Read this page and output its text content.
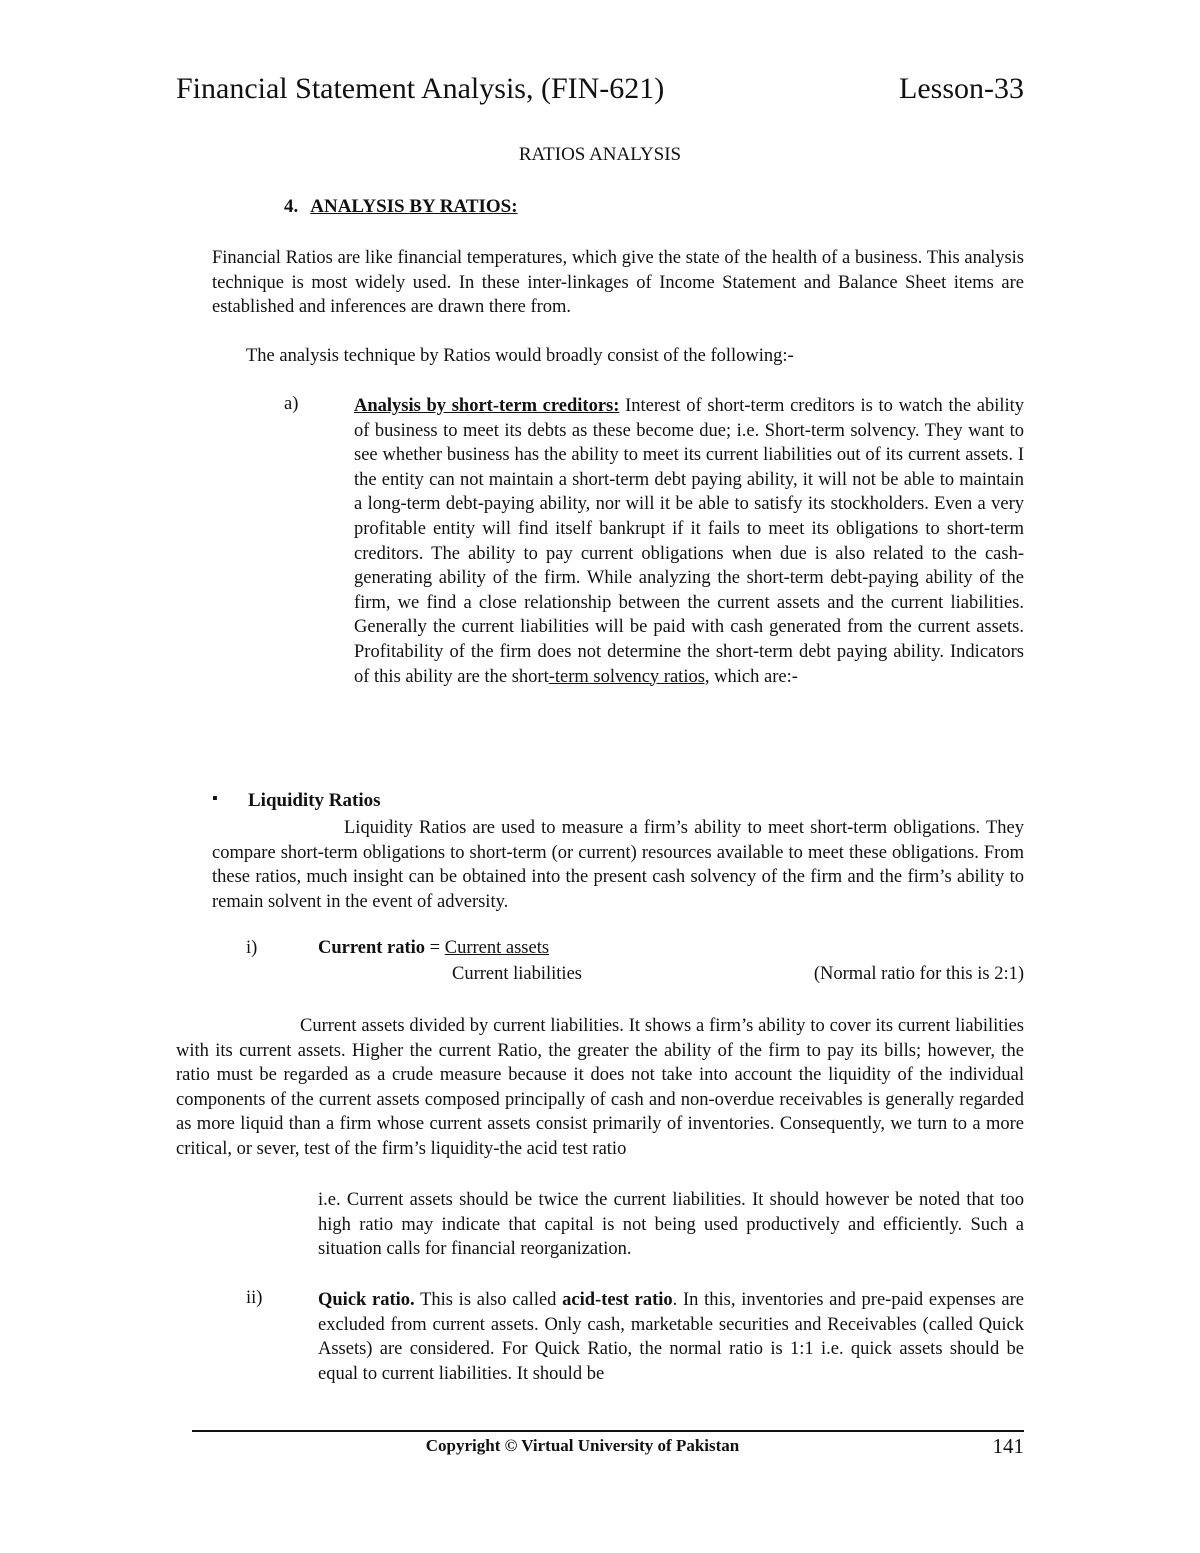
Financial Statement Analysis, (FIN-621)	Lesson-33
RATIOS ANALYSIS
4. ANALYSIS BY RATIOS:
Financial Ratios are like financial temperatures, which give the state of the health of a business. This analysis technique is most widely used. In these inter-linkages of Income Statement and Balance Sheet items are established and inferences are drawn there from.
The analysis technique by Ratios would broadly consist of the following:-
a)	Analysis by short-term creditors: Interest of short-term creditors is to watch the ability of business to meet its debts as these become due; i.e. Short-term solvency. They want to see whether business has the ability to meet its current liabilities out of its current assets. I the entity can not maintain a short-term debt paying ability, it will not be able to maintain a long-term debt-paying ability, nor will it be able to satisfy its stockholders. Even a very profitable entity will find itself bankrupt if it fails to meet its obligations to short-term creditors. The ability to pay current obligations when due is also related to the cash-generating ability of the firm. While analyzing the short-term debt-paying ability of the firm, we find a close relationship between the current assets and the current liabilities. Generally the current liabilities will be paid with cash generated from the current assets. Profitability of the firm does not determine the short-term debt paying ability. Indicators of this ability are the short-term solvency ratios, which are:-
▪ Liquidity Ratios
Liquidity Ratios are used to measure a firm’s ability to meet short-term obligations. They compare short-term obligations to short-term (or current) resources available to meet these obligations. From these ratios, much insight can be obtained into the present cash solvency of the firm and the firm’s ability to remain solvent in the event of adversity.
i)	Current ratio = Current assets
Current liabilities	(Normal ratio for this is 2:1)
Current assets divided by current liabilities. It shows a firm’s ability to cover its current liabilities with its current assets. Higher the current Ratio, the greater the ability of the firm to pay its bills; however, the ratio must be regarded as a crude measure because it does not take into account the liquidity of the individual components of the current assets composed principally of cash and non-overdue receivables is generally regarded as more liquid than a firm whose current assets consist primarily of inventories. Consequently, we turn to a more critical, or sever, test of the firm’s liquidity-the acid test ratio
i.e. Current assets should be twice the current liabilities. It should however be noted that too high ratio may indicate that capital is not being used productively and efficiently. Such a situation calls for financial reorganization.
ii)	Quick ratio. This is also called acid-test ratio. In this, inventories and pre-paid expenses are excluded from current assets. Only cash, marketable securities and Receivables (called Quick Assets) are considered. For Quick Ratio, the normal ratio is 1:1 i.e. quick assets should be equal to current liabilities. It should be
Copyright © Virtual University of Pakistan	141
